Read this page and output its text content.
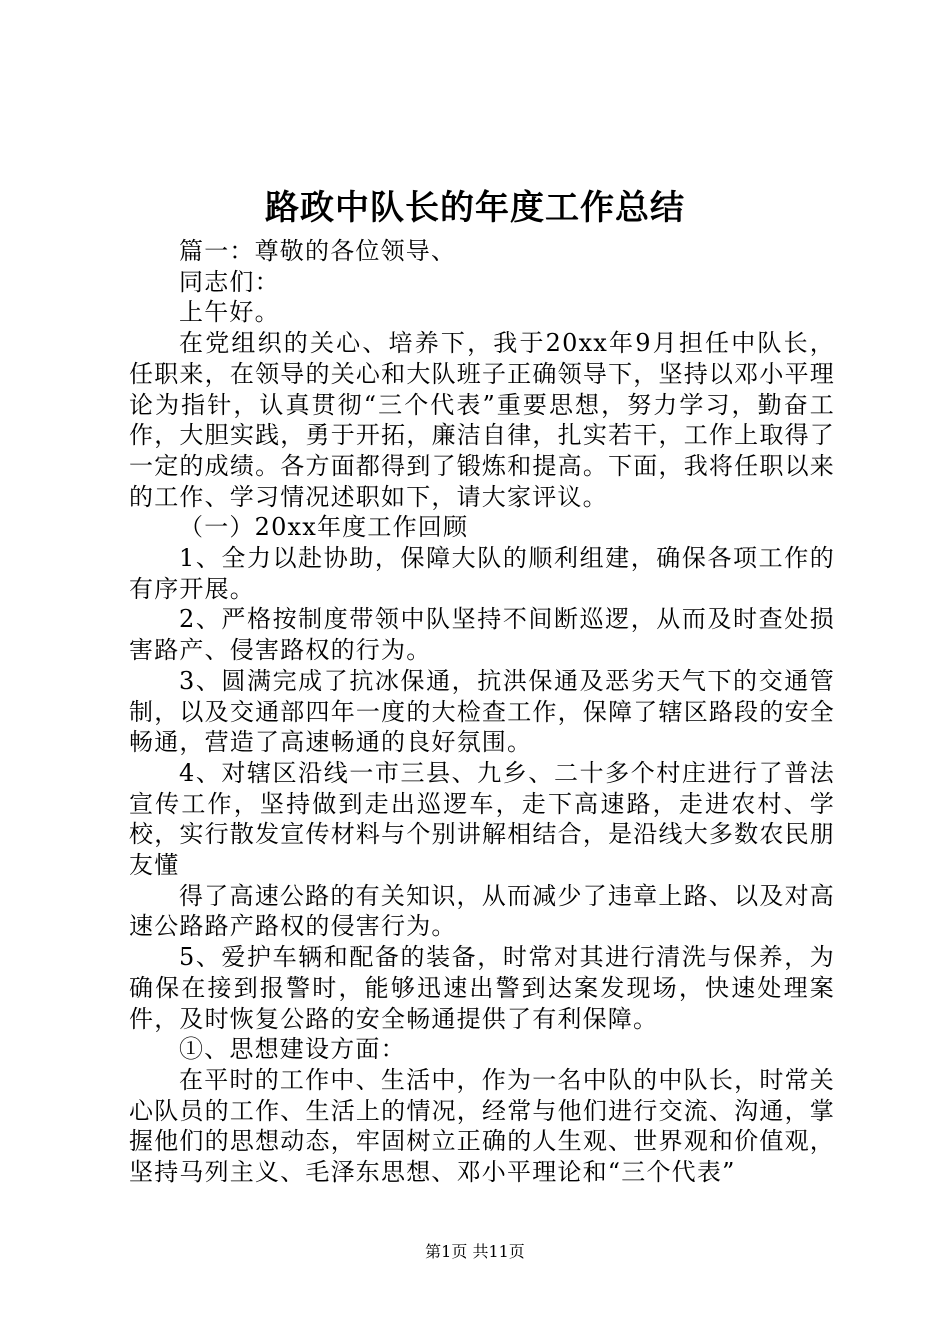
路政中队长的年度工作总结

篇一：尊敬的各位领导、

同志们：

上午好。

在党组织的关心、培养下，我于20xx年9月担任中队长，任职来，在领导的关心和大队班子正确领导下，坚持以邓小平理论为指针，认真贯彻“三个代表”重要思想，努力学习，勤奋工作，大胆实践，勇于开拓，廉洁自律，扎实若干，工作上取得了一定的成绩。各方面都得到了锻炼和提高。下面，我将任职以来的工作、学习情况述职如下，请大家评议。

（一）20xx年度工作回顾

1、全力以赴协助，保障大队的顺利组建，确保各项工作的有序开展。

2、严格按制度带领中队坚持不间断巡逻，从而及时查处损害路产、侵害路权的行为。

3、圆满完成了抗冰保通，抗洪保通及恶劣天气下的交通管制，以及交通部四年一度的大检查工作，保障了辖区路段的安全畅通，营造了高速畅通的良好氛围。

4、对辖区沿线一市三县、九乡、二十多个村庄进行了普法宣传工作，坚持做到走出巡逻车，走下高速路，走进农村、学校，实行散发宣传材料与个别讲解相结合，是沿线大多数农民朋友懂

得了高速公路的有关知识，从而减少了违章上路、以及对高速公路路产路权的侵害行为。

5、爱护车辆和配备的装备，时常对其进行清洗与保养，为确保在接到报警时，能够迅速出警到达案发现场，快速处理案件，及时恢复公路的安全畅通提供了有利保障。

①、思想建设方面：

在平时的工作中、生活中，作为一名中队的中队长，时常关心队员的工作、生活上的情况，经常与他们进行交流、沟通，掌握他们的思想动态，牢固树立正确的人生观、世界观和价值观，坚持马列主义、毛泽东思想、邓小平理论和“三个代表”

第1页 共11页
